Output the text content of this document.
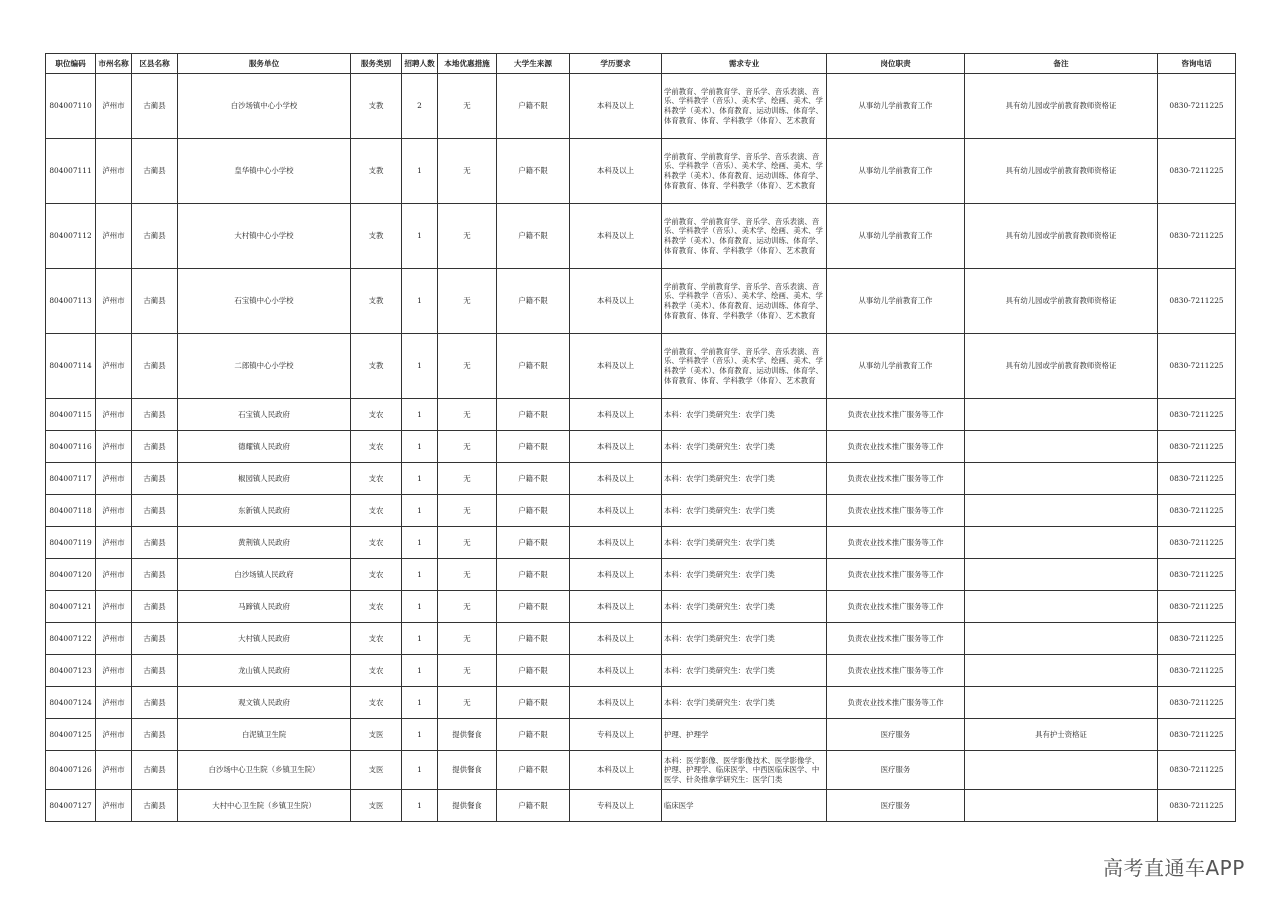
职位编码	市州名称	区县名称	服务单位	服务类别	招聘人数	本地优惠措施	大学生来源	学历要求	需求专业	岗位职责	备注	咨询电话
804007110	泸州市	古蔺县	白沙场镇中心小学校	支教	2	无	户籍不限	本科及以上	学前教育、学前教育学、音乐学、音乐表演、音乐、学科教学（音乐）、美术学、绘画、美术、学科教学（美术）、体育教育、运动训练、体育学、体育教育、体育、学科教学（体育）、艺术教育	从事幼儿学前教育工作	具有幼儿园或学前教育教师资格证	0830-7211225
804007111	泸州市	古蔺县	皇华镇中心小学校	支教	1	无	户籍不限	本科及以上	学前教育、学前教育学、音乐学、音乐表演、音乐、学科教学（音乐）、美术学、绘画、美术、学科教学（美术）、体育教育、运动训练、体育学、体育教育、体育、学科教学（体育）、艺术教育	从事幼儿学前教育工作	具有幼儿园或学前教育教师资格证	0830-7211225
804007112	泸州市	古蔺县	大村镇中心小学校	支教	1	无	户籍不限	本科及以上	学前教育、学前教育学、音乐学、音乐表演、音乐、学科教学（音乐）、美术学、绘画、美术、学科教学（美术）、体育教育、运动训练、体育学、体育教育、体育、学科教学（体育）、艺术教育	从事幼儿学前教育工作	具有幼儿园或学前教育教师资格证	0830-7211225
804007113	泸州市	古蔺县	石宝镇中心小学校	支教	1	无	户籍不限	本科及以上	学前教育、学前教育学、音乐学、音乐表演、音乐、学科教学（音乐）、美术学、绘画、美术、学科教学（美术）、体育教育、运动训练、体育学、体育教育、体育、学科教学（体育）、艺术教育	从事幼儿学前教育工作	具有幼儿园或学前教育教师资格证	0830-7211225
804007114	泸州市	古蔺县	二郎镇中心小学校	支教	1	无	户籍不限	本科及以上	学前教育、学前教育学、音乐学、音乐表演、音乐、学科教学（音乐）、美术学、绘画、美术、学科教学（美术）、体育教育、运动训练、体育学、体育教育、体育、学科教学（体育）、艺术教育	从事幼儿学前教育工作	具有幼儿园或学前教育教师资格证	0830-7211225
804007115	泸州市	古蔺县	石宝镇人民政府	支农	1	无	户籍不限	本科及以上	本科：农学门类研究生：农学门类	负责农业技术推广服务等工作		0830-7211225
804007116	泸州市	古蔺县	德耀镇人民政府	支农	1	无	户籍不限	本科及以上	本科：农学门类研究生：农学门类	负责农业技术推广服务等工作		0830-7211225
804007117	泸州市	古蔺县	椒园镇人民政府	支农	1	无	户籍不限	本科及以上	本科：农学门类研究生：农学门类	负责农业技术推广服务等工作		0830-7211225
804007118	泸州市	古蔺县	东新镇人民政府	支农	1	无	户籍不限	本科及以上	本科：农学门类研究生：农学门类	负责农业技术推广服务等工作		0830-7211225
804007119	泸州市	古蔺县	黄荆镇人民政府	支农	1	无	户籍不限	本科及以上	本科：农学门类研究生：农学门类	负责农业技术推广服务等工作		0830-7211225
804007120	泸州市	古蔺县	白沙场镇人民政府	支农	1	无	户籍不限	本科及以上	本科：农学门类研究生：农学门类	负责农业技术推广服务等工作		0830-7211225
804007121	泸州市	古蔺县	马蹄镇人民政府	支农	1	无	户籍不限	本科及以上	本科：农学门类研究生：农学门类	负责农业技术推广服务等工作		0830-7211225
804007122	泸州市	古蔺县	大村镇人民政府	支农	1	无	户籍不限	本科及以上	本科：农学门类研究生：农学门类	负责农业技术推广服务等工作		0830-7211225
804007123	泸州市	古蔺县	龙山镇人民政府	支农	1	无	户籍不限	本科及以上	本科：农学门类研究生：农学门类	负责农业技术推广服务等工作		0830-7211225
804007124	泸州市	古蔺县	观文镇人民政府	支农	1	无	户籍不限	本科及以上	本科：农学门类研究生：农学门类	负责农业技术推广服务等工作		0830-7211225
804007125	泸州市	古蔺县	白泥镇卫生院	支医	1	提供餐食	户籍不限	专科及以上	护理、护理学	医疗服务	具有护士资格证	0830-7211225
804007126	泸州市	古蔺县	白沙场中心卫生院（乡镇卫生院）	支医	1	提供餐食	户籍不限	本科及以上	本科：医学影像、医学影像技术、医学影像学、护理、护理学、临床医学、中西医临床医学、中医学、针灸推拿学研究生：医学门类	医疗服务		0830-7211225
804007127	泸州市	古蔺县	大村中心卫生院（乡镇卫生院）	支医	1	提供餐食	户籍不限	专科及以上	临床医学	医疗服务		0830-7211225
高考直通车APP
